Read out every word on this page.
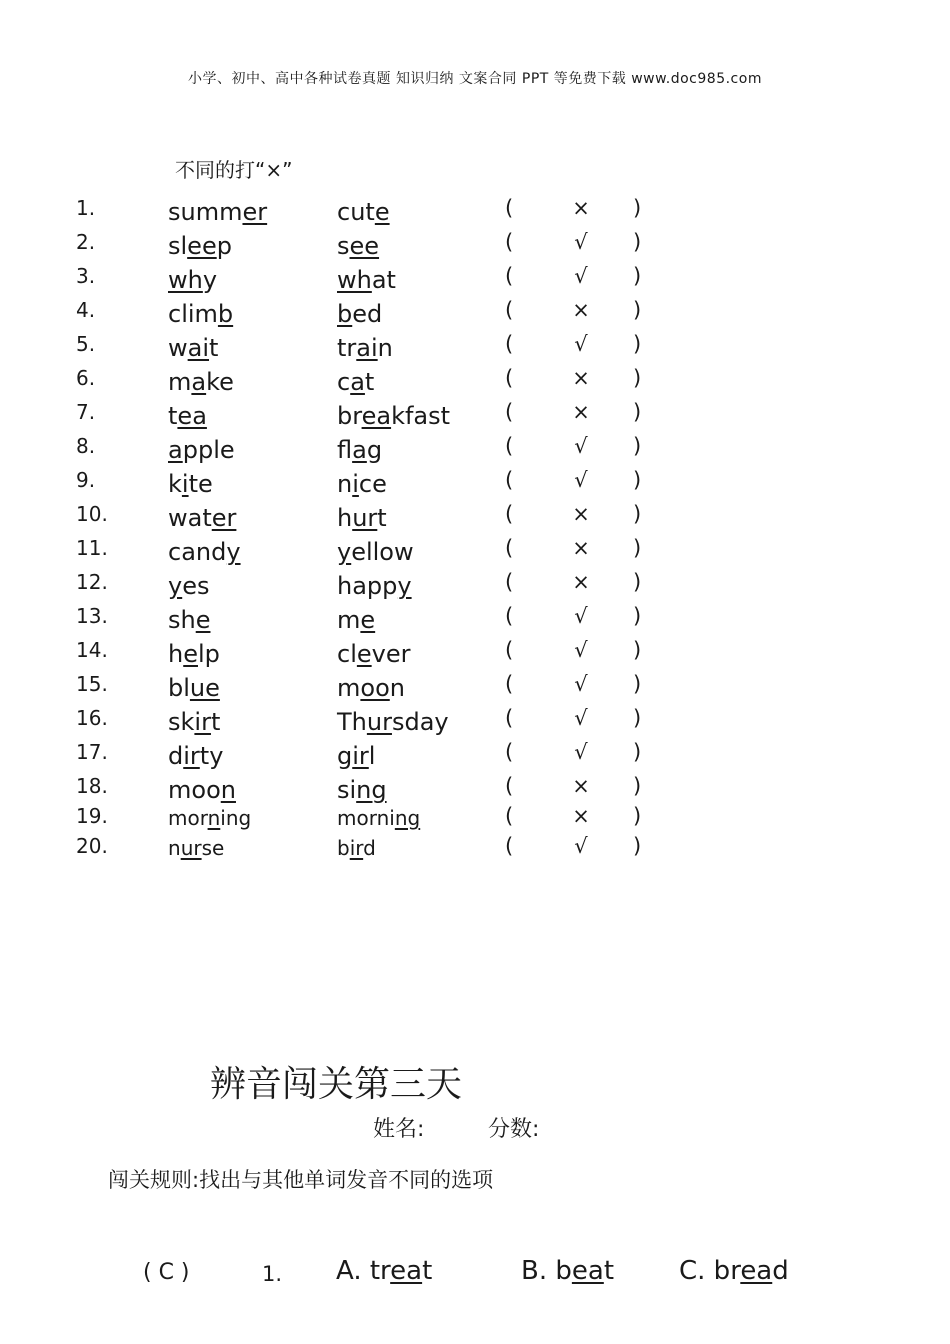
小学、初中、高中各种试卷真题 知识归纳 文案合同 PPT 等免费下载 www.doc985.com
不同的打“×”
1.	summer	cute	(	× )
2.	sleep	see	(	√ )
3.	why	what	(	√ )
4.	climb	bed	(	× )
5.	wait	train	(	√ )
6.	make	cat	(	× )
7.	tea	breakfast	(	× )
8.	apple	flag	(	√ )
9.	kite	nice	(	√ )
10.	water	hurt	(	× )
11.	candy	yellow	(	× )
12.	yes	happy	(	× )
13.	she	me	(	√ )
14.	help	clever	(	√ )
15.	blue	moon	(	√ )
16.	skirt	Thursday	(	√ )
17.	dirty	girl	(	√ )
18.	moon	sing	(	× )
19.	morning	morning	(	× )
20.	nurse	bird	(	√ )
辨音闯关第三天
姓名:	分数:
闯关规则:找出与其他单词发音不同的选项
( C )	1. A. treat	B. beat C. bread
